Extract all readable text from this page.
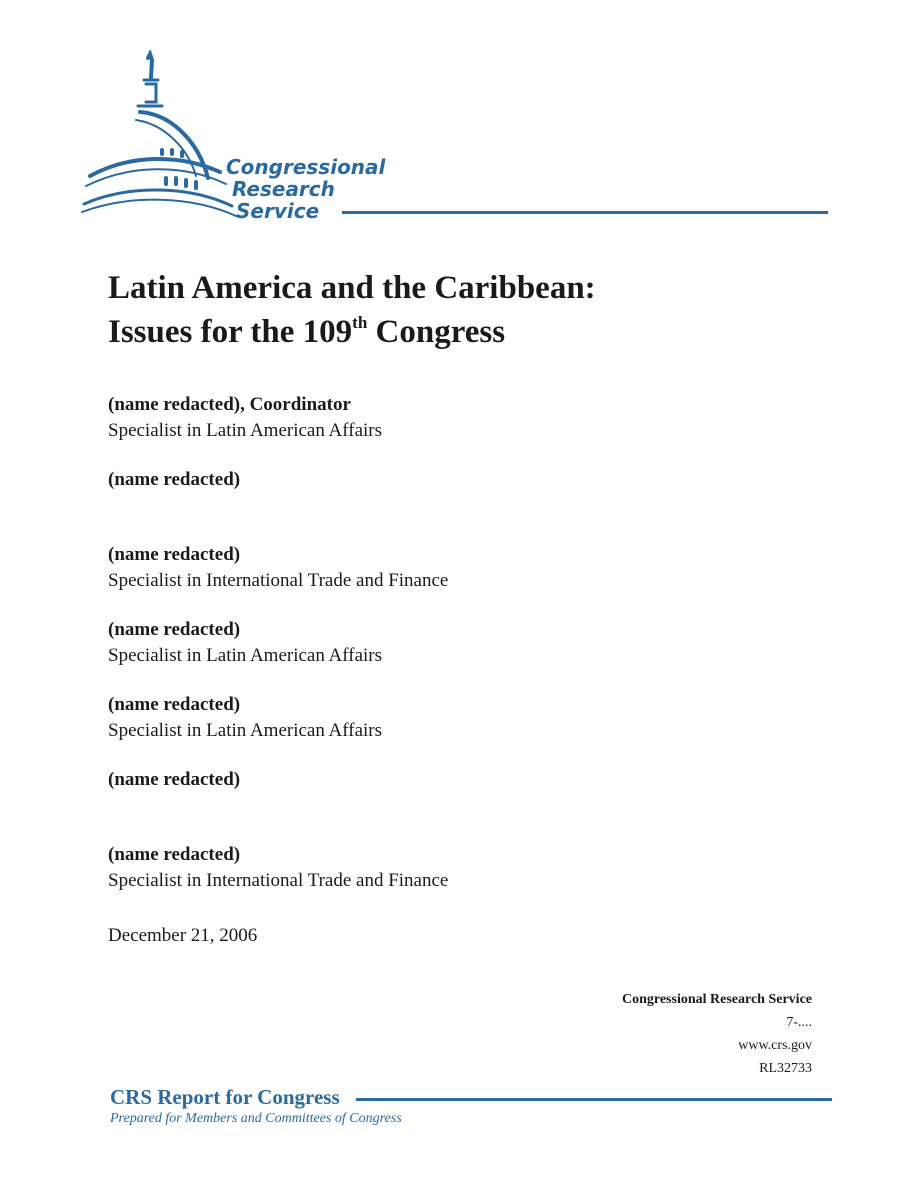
Congressional
Research
Service
Latin America and the Caribbean:
Issues for the 109th Congress
(name redacted), Coordinator
Specialist in Latin American Affairs
(name redacted)
(name redacted)
Specialist in International Trade and Finance
(name redacted)
Specialist in Latin American Affairs
(name redacted)
Specialist in Latin American Affairs
(name redacted)
(name redacted)
Specialist in International Trade and Finance
December 21, 2006
Congressional Research Service
7-....
www.crs.gov
RL32733
CRS Report for Congress
Prepared for Members and Committees of Congress
